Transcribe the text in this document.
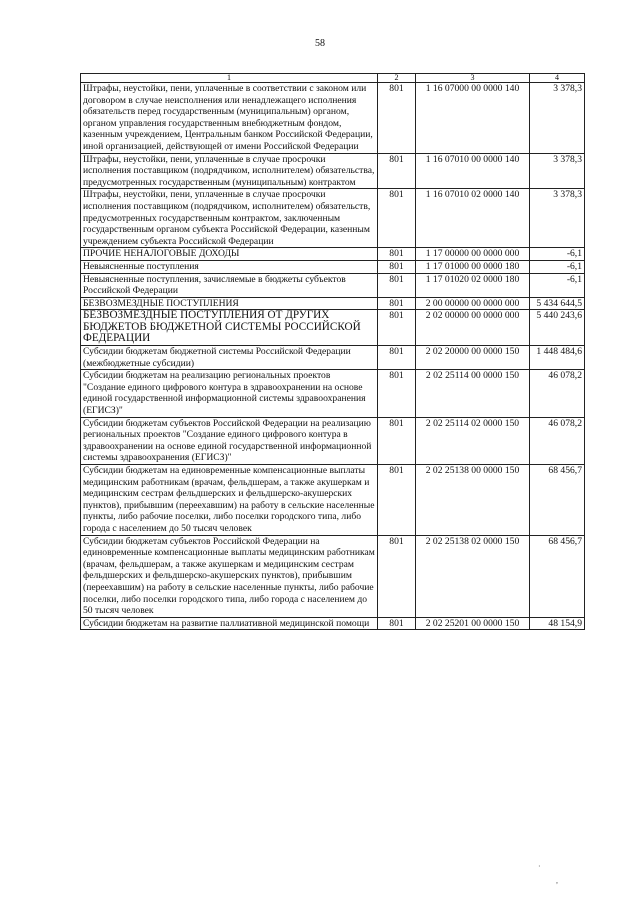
58
1	2	3	4
Штрафы, неустойки, пени, уплаченные в соответствии с законом или договором в случае неисполнения или ненадлежащего исполнения обязательств перед государственным (муниципальным) органом, органом управления государственным внебюджетным фондом, казенным учреждением, Центральным банком Российской Федерации, иной организацией, действующей от имени Российской Федерации	801	1 16 07000 00 0000 140	3 378,3
Штрафы, неустойки, пени, уплаченные в случае просрочки исполнения поставщиком (подрядчиком, исполнителем) обязательства, предусмотренных государственным (муниципальным) контрактом	801	1 16 07010 00 0000 140	3 378,3
Штрафы, неустойки, пени, уплаченные в случае просрочки исполнения поставщиком (подрядчиком, исполнителем) обязательств, предусмотренных государственным контрактом, заключенным государственным органом субъекта Российской Федерации, казенным учреждением субъекта Российской Федерации	801	1 16 07010 02 0000 140	3 378,3
ПРОЧИЕ НЕНАЛОГОВЫЕ ДОХОДЫ	801	1 17 00000 00 0000 000	-6,1
Невыясненные поступления	801	1 17 01000 00 0000 180	-6,1
Невыясненные поступления, зачисляемые в бюджеты субъектов Российской Федерации	801	1 17 01020 02 0000 180	-6,1
БЕЗВОЗМЕЗДНЫЕ ПОСТУПЛЕНИЯ	801	2 00 00000 00 0000 000	5 434 644,5
БЕЗВОЗМЕЗДНЫЕ ПОСТУПЛЕНИЯ ОТ ДРУГИХ БЮДЖЕТОВ БЮДЖЕТНОЙ СИСТЕМЫ РОССИЙСКОЙ ФЕДЕРАЦИИ	801	2 02 00000 00 0000 000	5 440 243,6
Субсидии бюджетам бюджетной системы Российской Федерации (межбюджетные субсидии)	801	2 02 20000 00 0000 150	1 448 484,6
Субсидии бюджетам на реализацию региональных проектов "Создание единого цифрового контура в здравоохранении на основе единой государственной информационной системы здравоохранения (ЕГИСЗ)"	801	2 02 25114 00 0000 150	46 078,2
Субсидии бюджетам субъектов Российской Федерации на реализацию региональных проектов "Создание единого цифрового контура в здравоохранении на основе единой государственной информационной системы здравоохранения (ЕГИСЗ)"	801	2 02 25114 02 0000 150	46 078,2
Субсидии бюджетам на единовременные компенсационные выплаты медицинским работникам (врачам, фельдшерам, а также акушеркам и медицинским сестрам фельдшерских и фельдшерско-акушерских пунктов), прибывшим (переехавшим) на работу в сельские населенные пункты, либо рабочие поселки, либо поселки городского типа, либо города с населением до 50 тысяч человек	801	2 02 25138 00 0000 150	68 456,7
Субсидии бюджетам субъектов Российской Федерации на единовременные компенсационные выплаты медицинским работникам (врачам, фельдшерам, а также акушеркам и медицинским сестрам фельдшерских и фельдшерско-акушерских пунктов), прибывшим (переехавшим) на работу в сельские населенные пункты, либо рабочие поселки, либо поселки городского типа, либо города с населением до 50 тысяч человек	801	2 02 25138 02 0000 150	68 456,7
Субсидии бюджетам на развитие паллиативной медицинской помощи	801	2 02 25201 00 0000 150	48 154,9
·
,
